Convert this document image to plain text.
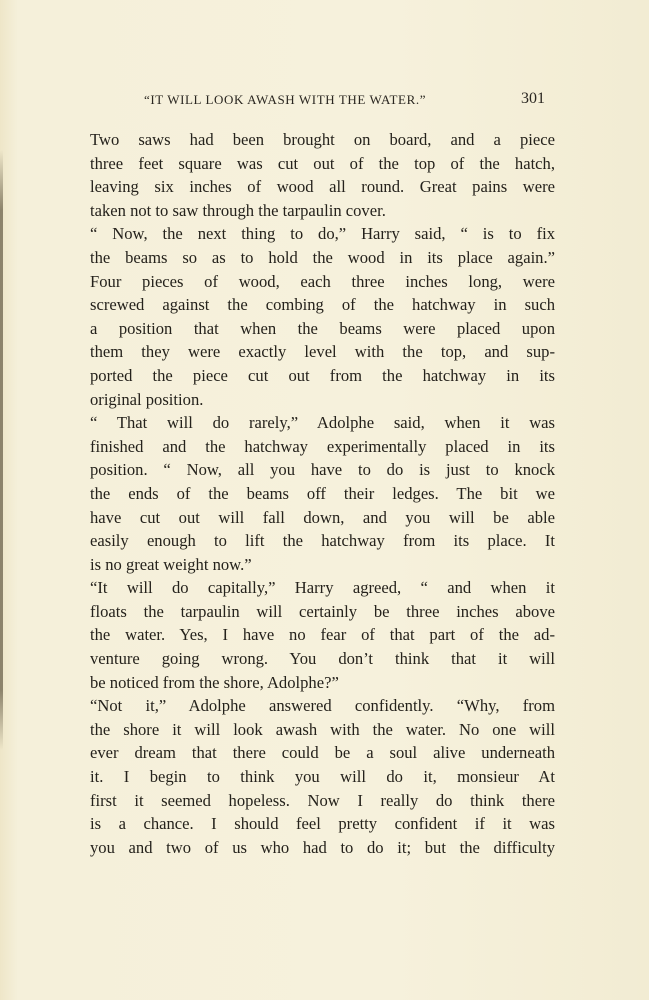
“IT WILL LOOK AWASH WITH THE WATER.”	301
Two saws had been brought on board, and a piece
three feet square was cut out of the top of the hatch,
leaving six inches of wood all round. Great pains were
taken not to saw through the tarpaulin cover.
“ Now, the next thing to do,” Harry said, “ is to fix
the beams so as to hold the wood in its place again.”
Four pieces of wood, each three inches long, were
screwed against the combing of the hatchway in such
a position that when the beams were placed upon
them they were exactly level with the top, and sup-
ported the piece cut out from the hatchway in its
original position.
“ That will do rarely,” Adolphe said, when it was
finished and the hatchway experimentally placed in its
position. “ Now, all you have to do is just to knock
the ends of the beams off their ledges. The bit we
have cut out will fall down, and you will be able
easily enough to lift the hatchway from its place. It
is no great weight now.”
“It will do capitally,” Harry agreed, “ and when it
floats the tarpaulin will certainly be three inches above
the water. Yes, I have no fear of that part of the ad-
venture going wrong. You don’t think that it will
be noticed from the shore, Adolphe?”
“Not it,” Adolphe answered confidently. “Why, from
the shore it will look awash with the water. No one will
ever dream that there could be a soul alive underneath
it. I begin to think you will do it, monsieur At
first it seemed hopeless. Now I really do think there
is a chance. I should feel pretty confident if it was
you and two of us who had to do it; but the difficulty
